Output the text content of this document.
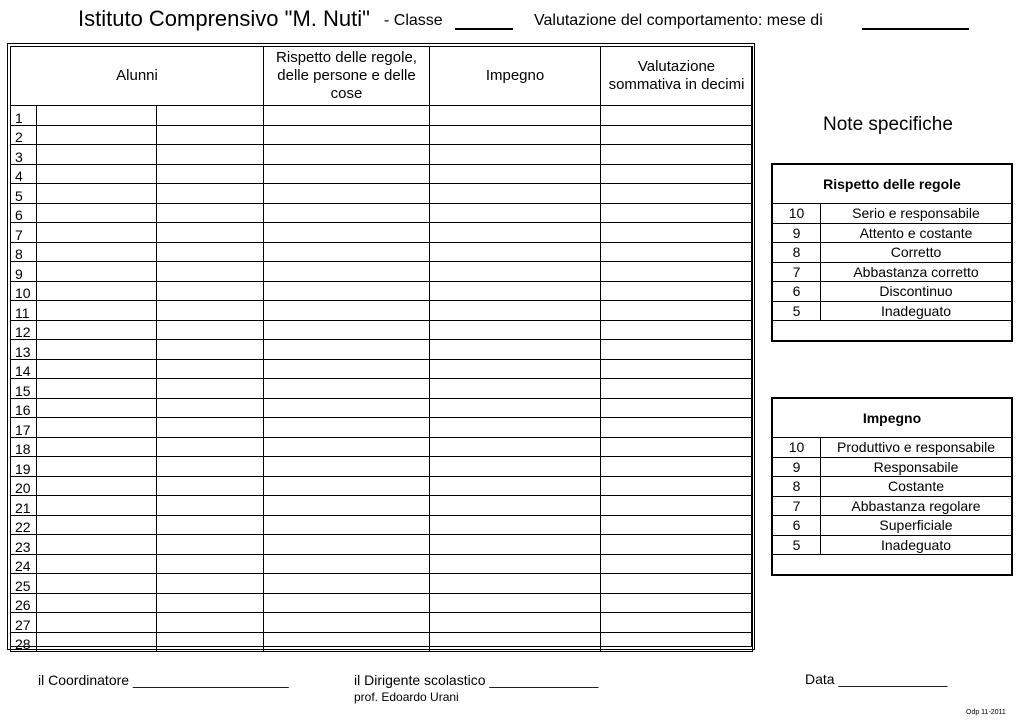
Istituto Comprensivo "M. Nuti" - Classe	Valutazione del comportamento: mese di
Alunni			Rispetto delle regole, delle persone e delle cose	Impegno	Valutazione sommativa in decimi
1					
2					
3					
4					
5					
6					
7					
8					
9					
10					
11					
12					
13					
14					
15					
16					
17					
18					
19					
20					
21					
22					
23					
24					
25					
26					
27					
28					
Note specifiche
Rispetto delle regole
10	Serio e responsabile
9	Attento e costante
8	Corretto
7	Abbastanza corretto
6	Discontinuo
5	Inadeguato
Impegno
10	Produttivo e responsabile
9	Responsabile
8	Costante
7	Abbastanza regolare
6	Superficiale
5	Inadeguato
il Coordinatore ____________________	il Dirigente scolastico ______________
prof. Edoardo Urani
Data ______________
Odp 11-2011
